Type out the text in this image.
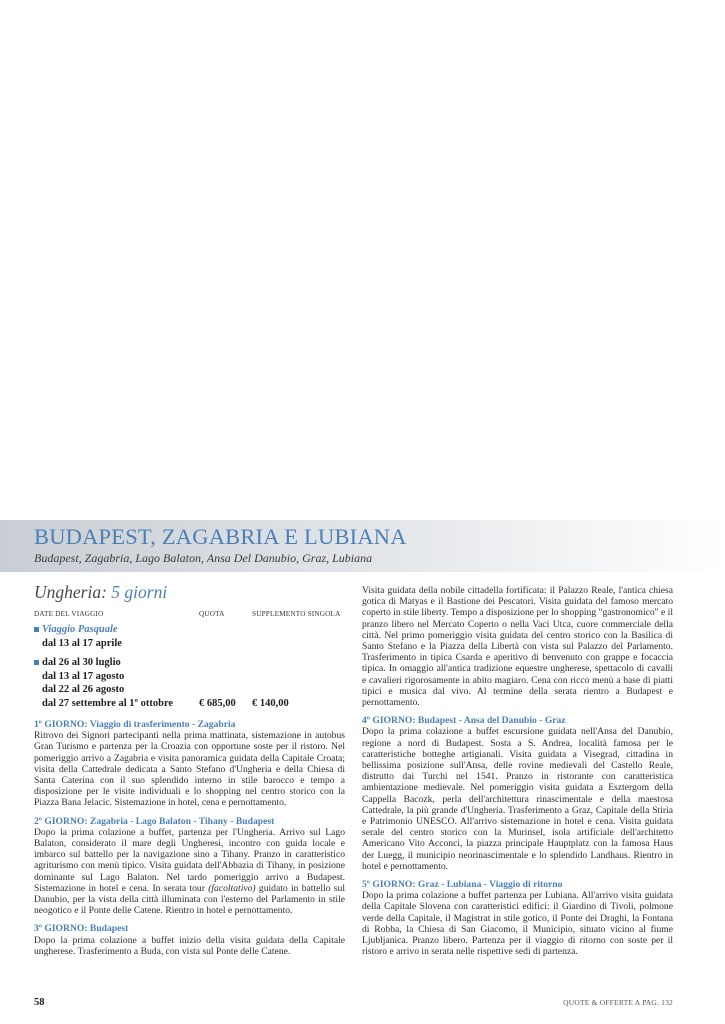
BUDAPEST, ZAGABRIA E LUBIANA
Budapest, Zagabria, Lago Balaton, Ansa Del Danubio, Graz, Lubiana
Ungheria: 5 giorni
DATE DEL VIAGGIO	QUOTA	SUPPLEMENTO SINGOLA
Viaggio Pasquale
dal 13 al 17 aprile
dal 26 al 30 luglio
dal 13 al 17 agosto
dal 22 al 26 agosto
dal 27 settembre al 1º ottobre € 685,00 € 140,00
1º GIORNO: Viaggio di trasferimento - Zagabria

Ritrovo dei Signori partecipanti nella prima mattinata, sistemazione in autobus Gran Turismo e partenza per la Croazia con opportune soste per il ristoro. Nel pomeriggio arrivo a Zagabria e visita panoramica guidata della Capitale Croata; visita della Cattedrale dedicata a Santo Stefano d'Ungheria e della Chiesa di Santa Caterina con il suo splendido interno in stile barocco e tempo a disposizione per le visite individuali e lo shopping nel centro storico con la Piazza Bana Jelacic. Sistemazione in hotel, cena e pernottamento.

2º GIORNO: Zagabria - Lago Balaton - Tihany - Budapest

Dopo la prima colazione a buffet, partenza per l'Ungheria. Arrivo sul Lago Balaton, considerato il mare degli Ungheresi, incontro con guida locale e imbarco sul battello per la navigazione sino a Tihany. Pranzo in caratteristico agriturismo con menù tipico. Visita guidata dell'Abbazia di Tihany, in posizione dominante sul Lago Balaton. Nel tardo pomeriggio arrivo a Budapest. Sistemazione in hotel e cena. In serata tour (facoltativo) guidato in battello sul Danubio, per la vista della città illuminata con l'esterno del Parlamento in stile neogotico e il Ponte delle Catene. Rientro in hotel e pernottamento.

3º GIORNO: Budapest

Dopo la prima colazione a buffet inizio della visita guidata della Capitale ungherese. Trasferimento a Buda, con vista sul Ponte delle Catene.

Visita guidata della nobile cittadella fortificata: il Palazzo Reale, l'antica chiesa gotica di Matyas e il Bastione dei Pescatori. Visita guidata del famoso mercato coperto in stile liberty. Tempo a disposizione per lo shopping "gastronomico" e il pranzo libero nel Mercato Coperto o nella Vaci Utca, cuore commerciale della città. Nel primo pomeriggio visita guidata del centro storico con la Basilica di Santo Stefano e la Piazza della Libertà con vista sul Palazzo del Parlamento. Trasferimento in tipica Csarda e aperitivo di benvenuto con grappe e focaccia tipica. In omaggio all'antica tradizione equestre ungherese, spettacolo di cavalli e cavalieri rigorosamente in abito magiaro. Cena con ricco menù a base di piatti tipici e musica dal vivo. Al termine della serata rientro a Budapest e pernottamento.

4º GIORNO: Budapest - Ansa del Danubio - Graz

Dopo la prima colazione a buffet escursione guidata nell'Ansa del Danubio, regione a nord di Budapest. Sosta a S. Andrea, località famosa per le caratteristiche botteghe artigianali. Visita guidata a Visegrad, cittadina in bellissima posizione sull'Ansa, delle rovine medievali del Castello Reale, distrutto dai Turchi nel 1541. Pranzo in ristorante con caratteristica ambientazione medievale. Nel pomeriggio visita guidata a Esztergom della Cappella Bacozk, perla dell'architettura rinascimentale e della maestosa Cattedrale, la più grande d'Ungheria. Trasferimento a Graz, Capitale della Stiria e Patrimonio UNESCO. All'arrivo sistemazione in hotel e cena. Visita guidata serale del centro storico con la Murinsel, isola artificiale dell'architetto Americano Vito Acconci, la piazza principale Hauptplatz con la famosa Haus der Luegg, il municipio neorinascimentale e lo splendido Landhaus. Rientro in hotel e pernottamento.

5º GIORNO: Graz - Lubiana - Viaggio di ritorno

Dopo la prima colazione a buffet partenza per Lubiana. All'arrivo visita guidata della Capitale Slovena con caratteristici edifici: il Giardino di Tivoli, polmone verde della Capitale, il Magistrat in stile gotico, il Ponte dei Draghi, la Fontana di Robba, la Chiesa di San Giacomo, il Municipio, situato vicino al fiume Ljubljanica. Pranzo libero. Partenza per il viaggio di ritorno con soste per il ristoro e arrivo in serata nelle rispettive sedi di partenza.

58	QUOTE & OFFERTE A PAG. 132
